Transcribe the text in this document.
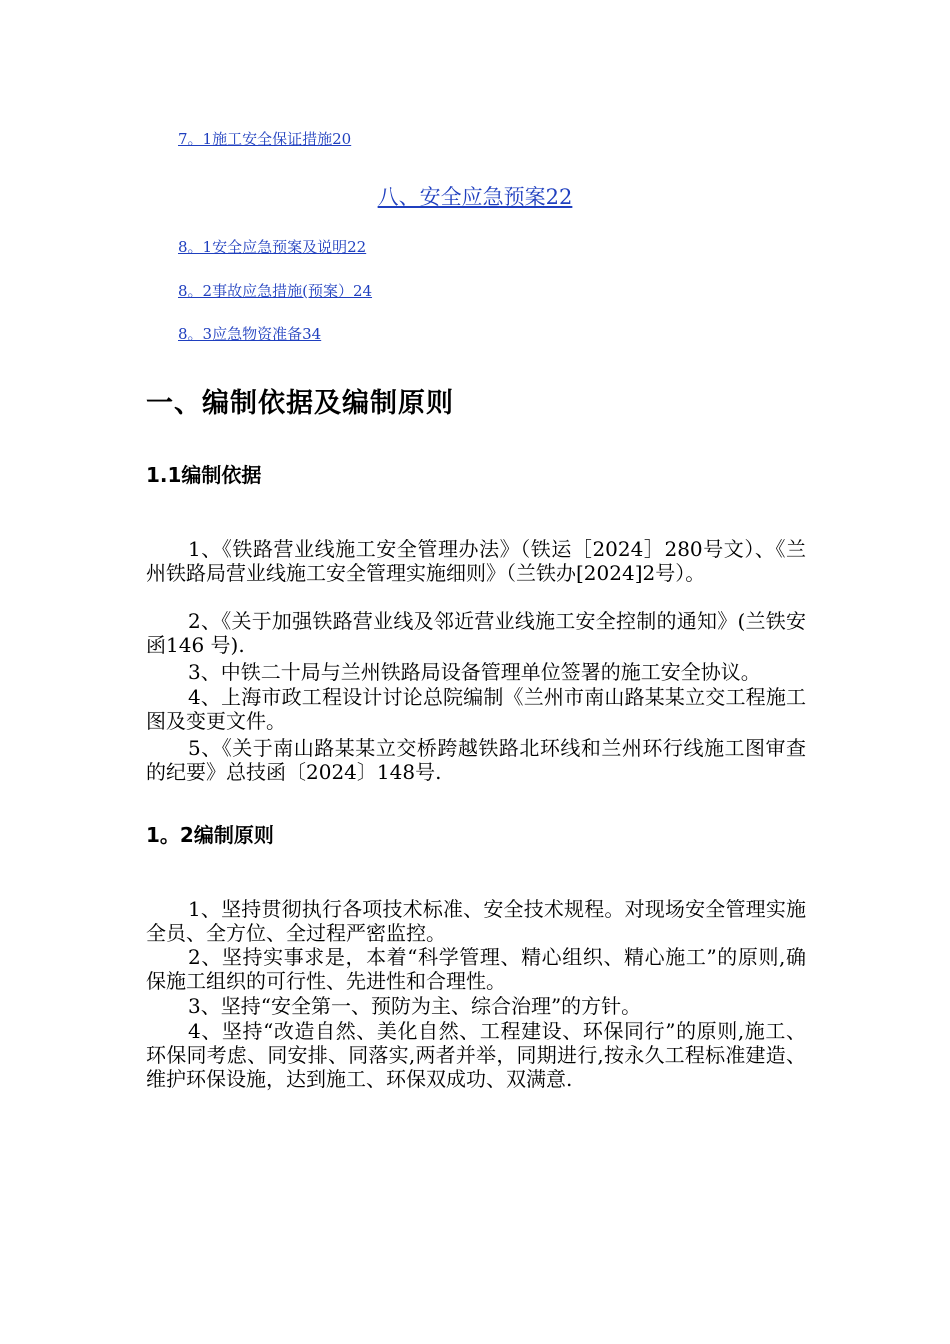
7。1施工安全保证措施20
八、安全应急预案22
8。1安全应急预案及说明22
8。2事故应急措施(预案）24
8。3应急物资准备34
一、编制依据及编制原则
1.1编制依据

1、《铁路营业线施工安全管理办法》（铁运［2024］280号文）、《兰州铁路局营业线施工安全管理实施细则》（兰铁办[2024]2号）。

2、《关于加强铁路营业线及邻近营业线施工安全控制的通知》(兰铁安函146 号).

3、中铁二十局与兰州铁路局设备管理单位签署的施工安全协议。

4、上海市政工程设计讨论总院编制《兰州市南山路某某立交工程施工图及变更文件。

5、《关于南山路某某立交桥跨越铁路北环线和兰州环行线施工图审查的纪要》总技函〔2024〕148号.

1。2编制原则

1、坚持贯彻执行各项技术标准、安全技术规程。对现场安全管理实施全员、全方位、全过程严密监控。

2、坚持实事求是，本着“科学管理、精心组织、精心施工”的原则,确保施工组织的可行性、先进性和合理性。

3、坚持“安全第一、预防为主、综合治理”的方针。

4、坚持“改造自然、美化自然、工程建设、环保同行”的原则,施工、环保同考虑、同安排、同落实,两者并举，同期进行,按永久工程标准建造、维护环保设施，达到施工、环保双成功、双满意.
